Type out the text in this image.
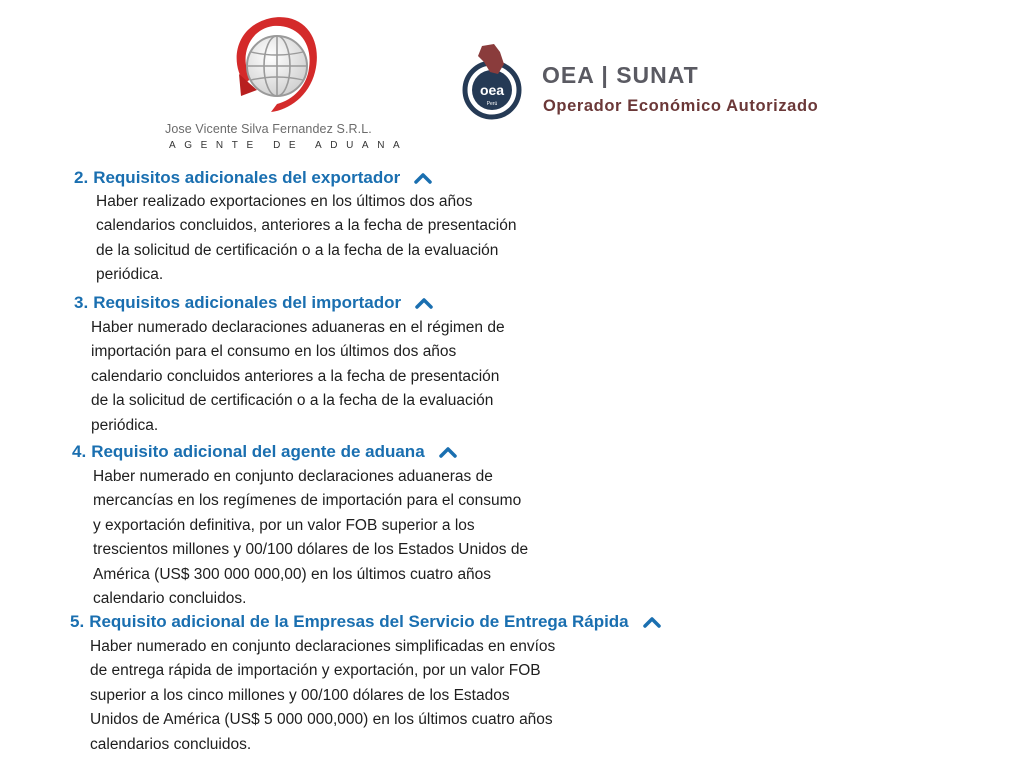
Jose Vicente Silva Fernandez S.R.L.
AGENTE DE ADUANA
oea
Perú
OEA | SUNAT
Operador Económico Autorizado
2. Requisitos adicionales del exportador
Haber realizado exportaciones en los últimos dos años
calendarios concluidos, anteriores a la fecha de presentación
de la solicitud de certificación o a la fecha de la evaluación
periódica.
3. Requisitos adicionales del importador
Haber numerado declaraciones aduaneras en el régimen de
importación para el consumo en los últimos dos años
calendario concluidos anteriores a la fecha de presentación
de la solicitud de certificación o a la fecha de la evaluación
periódica.
4. Requisito adicional del agente de aduana
Haber numerado en conjunto declaraciones aduaneras de
mercancías en los regímenes de importación para el consumo
y exportación definitiva, por un valor FOB superior a los
trescientos millones y 00/100 dólares de los Estados Unidos de
América (US$ 300 000 000,00) en los últimos cuatro años
calendario concluidos.
5. Requisito adicional de la Empresas del Servicio de Entrega Rápida
Haber numerado en conjunto declaraciones simplificadas en envíos
de entrega rápida de importación y exportación, por un valor FOB
superior a los cinco millones y 00/100 dólares de los Estados
Unidos de América (US$ 5 000 000,000) en los últimos cuatro años
calendarios concluidos.
